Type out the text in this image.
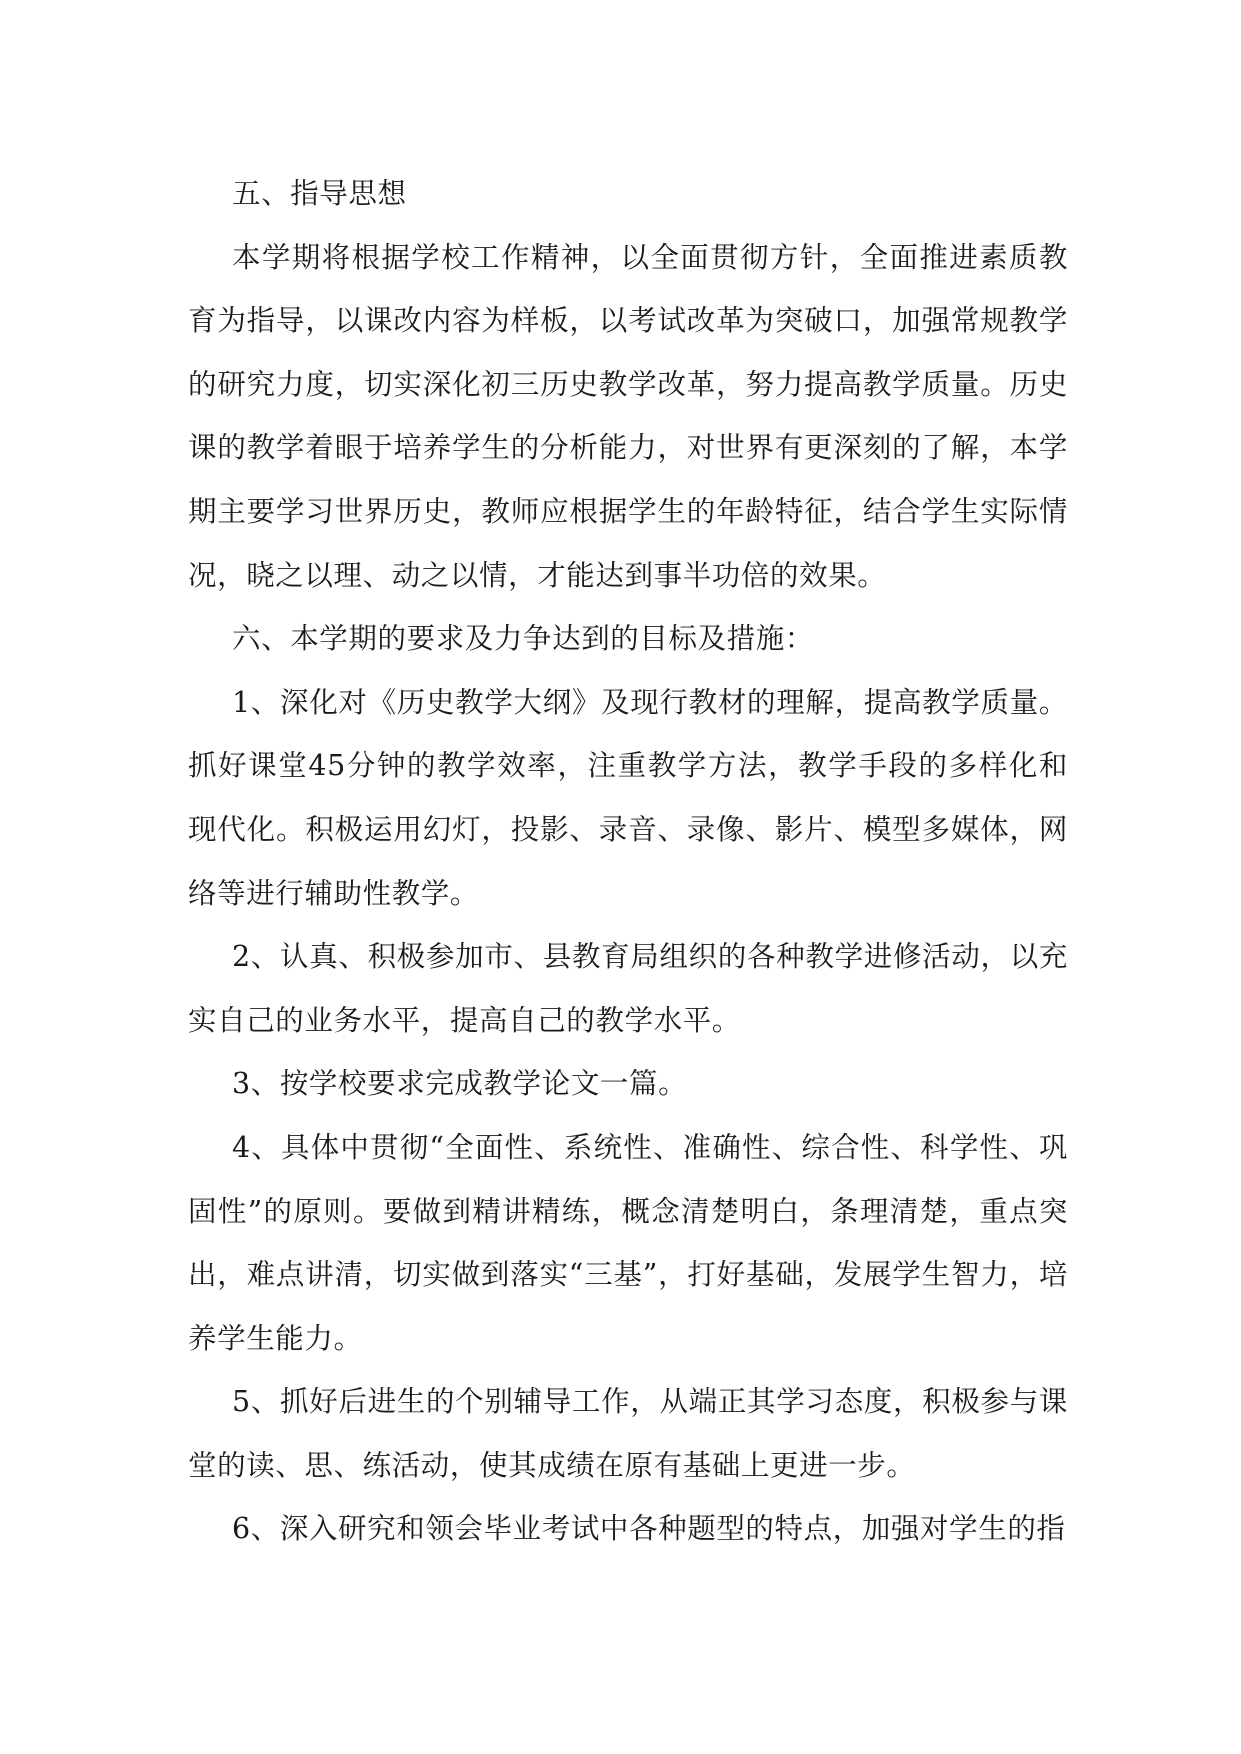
五、指导思想

本学期将根据学校工作精神，以全面贯彻方针，全面推进素质教育为指导，以课改内容为样板，以考试改革为突破口，加强常规教学的研究力度，切实深化初三历史教学改革，努力提高教学质量。历史课的教学着眼于培养学生的分析能力，对世界有更深刻的了解，本学期主要学习世界历史，教师应根据学生的年龄特征，结合学生实际情况，晓之以理、动之以情，才能达到事半功倍的效果。

六、本学期的要求及力争达到的目标及措施：

1、深化对《历史教学大纲》及现行教材的理解，提高教学质量。抓好课堂45分钟的教学效率，注重教学方法，教学手段的多样化和现代化。积极运用幻灯，投影、录音、录像、影片、模型多媒体，网络等进行辅助性教学。

2、认真、积极参加市、县教育局组织的各种教学进修活动，以充实自己的业务水平，提高自己的教学水平。

3、按学校要求完成教学论文一篇。

4、具体中贯彻“全面性、系统性、准确性、综合性、科学性、巩固性”的原则。要做到精讲精练，概念清楚明白，条理清楚，重点突出，难点讲清，切实做到落实“三基”，打好基础，发展学生智力，培养学生能力。

5、抓好后进生的个别辅导工作，从端正其学习态度，积极参与课堂的读、思、练活动，使其成绩在原有基础上更进一步。

6、深入研究和领会毕业考试中各种题型的特点，加强对学生的指
